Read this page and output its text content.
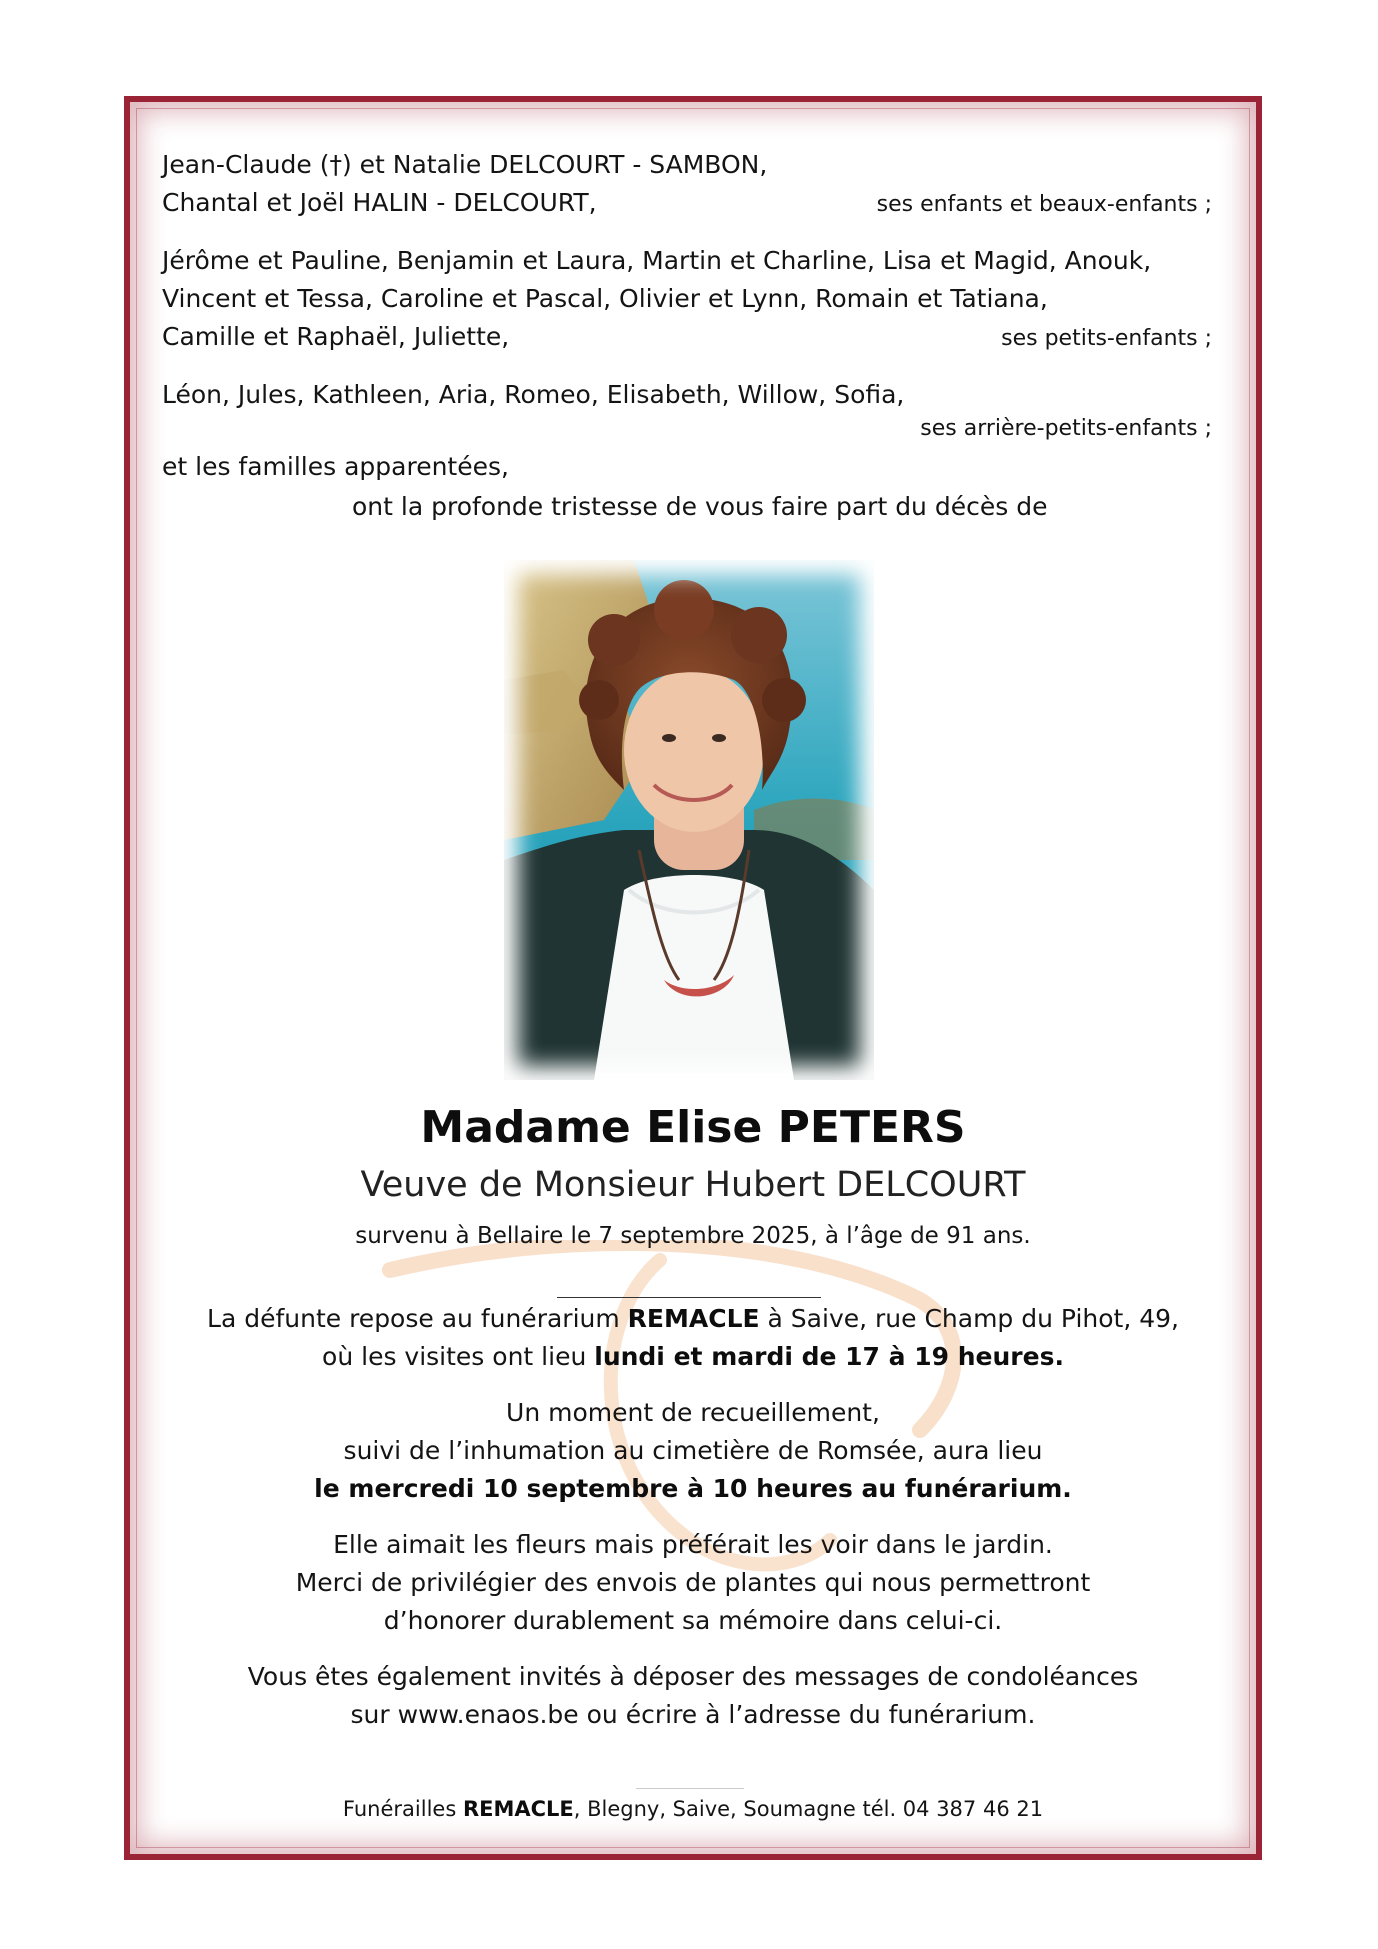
Jean-Claude (†) et Natalie DELCOURT - SAMBON,

Chantal et Joël HALIN - DELCOURT,	ses enfants et beaux-enfants ;

Jérôme et Pauline, Benjamin et Laura, Martin et Charline, Lisa et Magid, Anouk,

Vincent et Tessa, Caroline et Pascal, Olivier et Lynn, Romain et Tatiana,

Camille et Raphaël, Juliette,	ses petits-enfants ;

Léon, Jules, Kathleen, Aria, Romeo, Elisabeth, Willow, Sofia,

ses arrière-petits-enfants ;

et les familles apparentées,

ont la profonde tristesse de vous faire part du décès de

Madame Elise PETERS

Veuve de Monsieur Hubert DELCOURT

survenu à Bellaire le 7 septembre 2025, à l’âge de 91 ans.

La défunte repose au funérarium REMACLE à Saive, rue Champ du Pihot, 49,

où les visites ont lieu lundi et mardi de 17 à 19 heures.

Un moment de recueillement,

suivi de l’inhumation au cimetière de Romsée, aura lieu

le mercredi 10 septembre à 10 heures au funérarium.

Elle aimait les fleurs mais préférait les voir dans le jardin.

Merci de privilégier des envois de plantes qui nous permettront

d’honorer durablement sa mémoire dans celui-ci.

Vous êtes également invités à déposer des messages de condoléances

sur www.enaos.be ou écrire à l’adresse du funérarium.

Funérailles REMACLE, Blegny, Saive, Soumagne tél. 04 387 46 21
